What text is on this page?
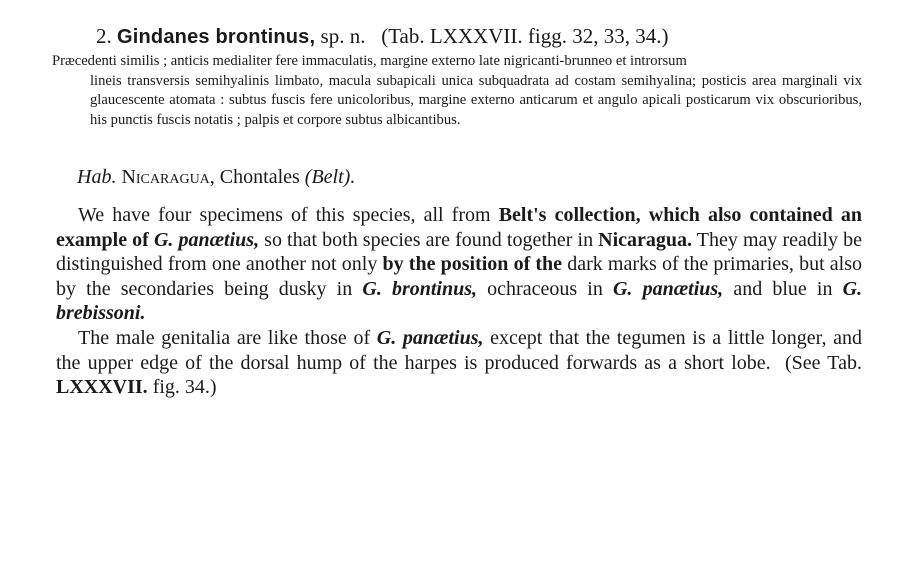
2. Gindanes brontinus, sp. n. (Tab. LXXXVII. figg. 32, 33, 34.)
Præcedenti similis ; anticis medialiter fere immaculatis, margine externo late nigricanti-brunneo et introrsum
lineis transversis semihyalinis limbato, macula subapicali unica subquadrata ad costam semihyalina; posticis area marginali vix glaucescente atomata : subtus fuscis fere unicoloribus, margine externo anticarum et angulo apicali posticarum vix obscurioribus, his punctis fuscis notatis ; palpis et corpore subtus albicantibus.
Hab. Nicaragua, Chontales (Belt).

We have four specimens of this species, all from Belt's collection, which also contained an example of G. panætius, so that both species are found together in Nicaragua. They may readily be distinguished from one another not only by the position of the dark marks of the primaries, but also by the secondaries being dusky in G. brontinus, ochraceous in G. panætius, and blue in G. brebissoni.

The male genitalia are like those of G. panætius, except that the tegumen is a little longer, and the upper edge of the dorsal hump of the harpes is produced forwards as a short lobe. (See Tab. LXXXVII. fig. 34.)
